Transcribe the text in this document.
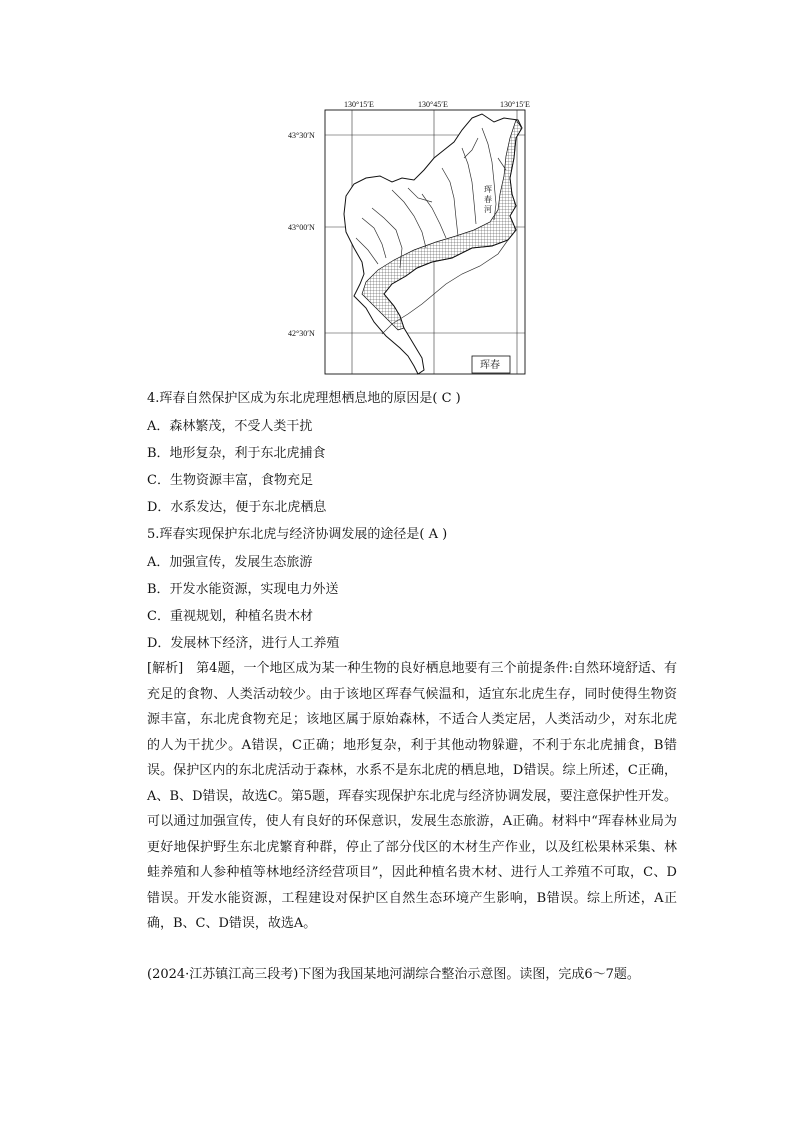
130°15′E	130°45′E	130°15′E
43°30′N
43°00′N
42°30′N
珲
春
河
珲春
4.珲春自然保护区成为东北虎理想栖息地的原因是( C )
A．森林繁茂，不受人类干扰
B．地形复杂，利于东北虎捕食
C．生物资源丰富，食物充足
D．水系发达，便于东北虎栖息
5.珲春实现保护东北虎与经济协调发展的途径是( A )
A．加强宣传，发展生态旅游
B．开发水能资源，实现电力外送
C．重视规划，种植名贵木材
D．发展林下经济，进行人工养殖
[解析]　第4题，一个地区成为某一种生物的良好栖息地要有三个前提条件:自然环境舒适、有充足的食物、人类活动较少。由于该地区珲春气候温和，适宜东北虎生存，同时使得生物资源丰富，东北虎食物充足；该地区属于原始森林，不适合人类定居，人类活动少，对东北虎的人为干扰少。A错误，C正确；地形复杂，利于其他动物躲避，不利于东北虎捕食，B错误。保护区内的东北虎活动于森林，水系不是东北虎的栖息地，D错误。综上所述，C正确，A、B、D错误，故选C。第5题，珲春实现保护东北虎与经济协调发展，要注意保护性开发。可以通过加强宣传，使人有良好的环保意识，发展生态旅游，A正确。材料中“珲春林业局为更好地保护野生东北虎繁育种群，停止了部分伐区的木材生产作业，以及红松果林采集、林蛙养殖和人参种植等林地经济经营项目”，因此种植名贵木材、进行人工养殖不可取，C、D错误。开发水能资源，工程建设对保护区自然生态环境产生影响，B错误。综上所述，A正确，B、C、D错误，故选A。
(2024·江苏镇江高三段考)下图为我国某地河湖综合整治示意图。读图，完成6～7题。
